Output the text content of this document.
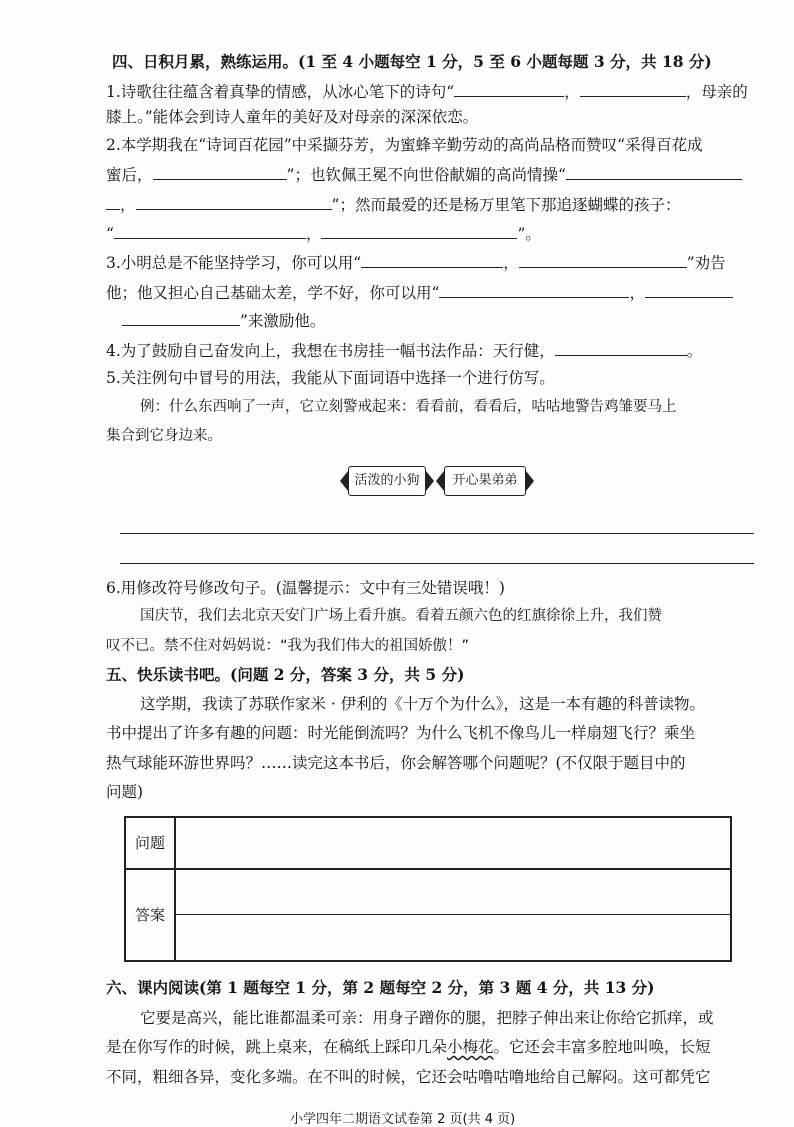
四、日积月累，熟练运用。(1 至 4 小题每空 1 分，5 至 6 小题每题 3 分，共 18 分)
1.诗歌往往蕴含着真挚的情感，从冰心笔下的诗句“	，	，母亲的
膝上。”能体会到诗人童年的美好及对母亲的深深依恋。
2.本学期我在“诗词百花园”中采撷芬芳，为蜜蜂辛勤劳动的高尚品格而赞叹“采得百花成
蜜后，	”；也钦佩王冕不向世俗献媚的高尚情操“
，	”；然而最爱的还是杨万里笔下那追逐蝴蝶的孩子：
“	，	”。
3.小明总是不能坚持学习，你可以用“	，	”劝告
他；他又担心自己基础太差，学不好，你可以用“	，
”来激励他。
4.为了鼓励自己奋发向上，我想在书房挂一幅书法作品：天行健，	。
5.关注例句中冒号的用法，我能从下面词语中选择一个进行仿写。
例：什么东西响了一声，它立刻警戒起来：看看前，看看后，咕咕地警告鸡雏要马上
集合到它身边来。
活泼的小狗	开心果弟弟
6.用修改符号修改句子。(温馨提示：文中有三处错误哦！)
国庆节，我们去北京天安门广场上看升旗。看着五颜六色的红旗徐徐上升，我们赞
叹不已。禁不住对妈妈说：“我为我们伟大的祖国娇傲！”
五、快乐读书吧。(问题 2 分，答案 3 分，共 5 分)
这学期，我读了苏联作家米 · 伊利的《十万个为什么》，这是一本有趣的科普读物。
书中提出了许多有趣的问题：时光能倒流吗？为什么飞机不像鸟儿一样扇翅飞行？乘坐
热气球能环游世界吗？……读完这本书后，你会解答哪个问题呢？(不仅限于题目中的
问题)
问题
答案
六、课内阅读(第 1 题每空 1 分，第 2 题每空 2 分，第 3 题 4 分，共 13 分)
它要是高兴，能比谁都温柔可亲：用身子蹭你的腿，把脖子伸出来让你给它抓痒，或
是在你写作的时候，跳上桌来，在稿纸上踩印几朵小梅花。它还会丰富多腔地叫唤，长短
不同，粗细各异，变化多端。在不叫的时候，它还会咕噜咕噜地给自己解闷。这可都凭它
小学四年二期语文试卷第 2 页(共 4 页)
